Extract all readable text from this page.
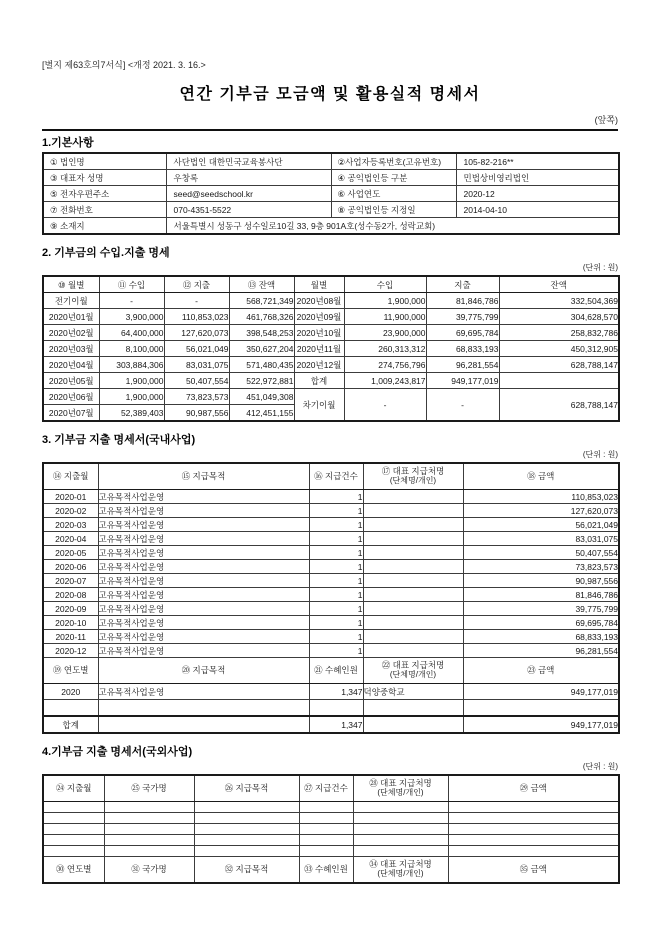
[별지 제63호의7서식] <개정 2021. 3. 16.>
연간 기부금 모금액 및 활용실적 명세서
(앞쪽)
1.기본사항
① 법인명	사단법인 대한민국교육봉사단	②사업자등록번호(고유번호)	105-82-216**
③ 대표자 성명	우창록	④ 공익법인등 구분	민법상비영리법인
⑤ 전자우편주소	seed@seedschool.kr	⑥ 사업연도	2020-12
⑦ 전화번호	070-4351-5522	⑧ 공익법인등 지정일	2014-04-10
⑨ 소재지	서울특별시 성동구 성수일로10길 33, 9층 901A호(성수동2가, 성락교회)		
2. 기부금의 수입.지출 명세
(단위 : 원)
⑩ 월별	⑪ 수입	⑫ 지출	⑬ 잔액	월별	수입	지출	잔액
전기이월	-	-	568,721,349	2020년08월	1,900,000	81,846,786	332,504,369
2020년01월	3,900,000	110,853,023	461,768,326	2020년09월	11,900,000	39,775,799	304,628,570
2020년02월	64,400,000	127,620,073	398,548,253	2020년10월	23,900,000	69,695,784	258,832,786
2020년03월	8,100,000	56,021,049	350,627,204	2020년11월	260,313,312	68,833,193	450,312,905
2020년04월	303,884,306	83,031,075	571,480,435	2020년12월	274,756,796	96,281,554	628,788,147
2020년05월	1,900,000	50,407,554	522,972,881	합계	1,009,243,817	949,177,019	
2020년06월	1,900,000	73,823,573	451,049,308	차기이월	-	-	628,788,147
2020년07월	52,389,403	90,987,556	412,451,155				
3. 기부금 지출 명세서(국내사업)
(단위 : 원)
⑭ 지출월	⑮ 지급목적	⑯ 지급건수	⑰ 대표 지급처명
(단체명/개인)	⑱ 금액
2020-01	고유목적사업운영	1		110,853,023
2020-02	고유목적사업운영	1		127,620,073
2020-03	고유목적사업운영	1		56,021,049
2020-04	고유목적사업운영	1		83,031,075
2020-05	고유목적사업운영	1		50,407,554
2020-06	고유목적사업운영	1		73,823,573
2020-07	고유목적사업운영	1		90,987,556
2020-08	고유목적사업운영	1		81,846,786
2020-09	고유목적사업운영	1		39,775,799
2020-10	고유목적사업운영	1		69,695,784
2020-11	고유목적사업운영	1		68,833,193
2020-12	고유목적사업운영	1		96,281,554
⑲ 연도별	⑳ 지급목적	㉑ 수혜인원	㉒ 대표 지급처명
(단체명/개인)	㉓ 금액
2020	고유목적사업운영	1,347	덕양중학교	949,177,019

합계		1,347		949,177,019
4.기부금 지출 명세서(국외사업)
(단위 : 원)
㉔ 지출월	㉕ 국가명	㉖ 지급목적	㉗ 지급건수	㉘ 대표 지급처명
(단체명/개인)	㉙ 금액

㉚ 연도별	㉛ 국가명	㉜ 지급목적	㉝ 수혜인원	㉞ 대표 지급처명
(단체명/개인)	㉟ 금액
